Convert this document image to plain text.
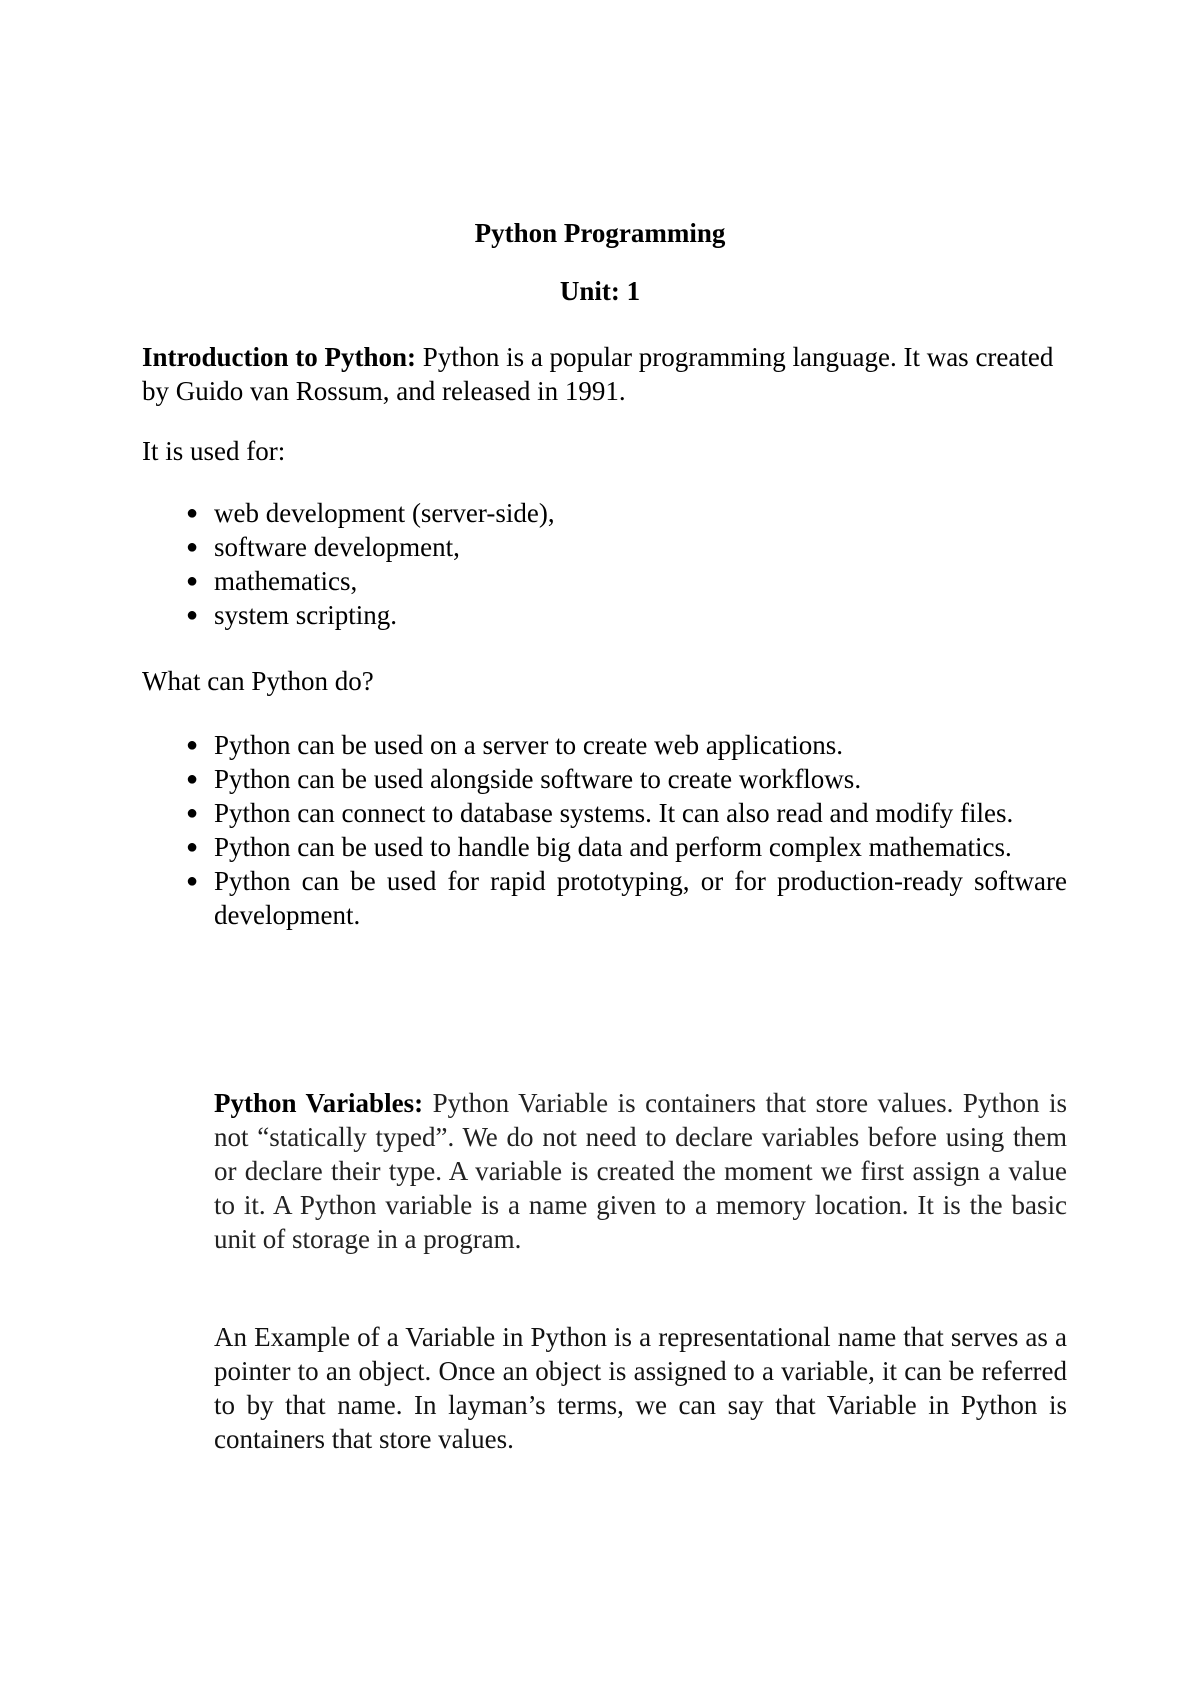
Python Programming
Unit: 1

Introduction to Python: Python is a popular programming language. It was created by Guido van Rossum, and released in 1991.

It is used for:

● web development (server-side),
● software development,
● mathematics,
● system scripting.

What can Python do?

● Python can be used on a server to create web applications.
● Python can be used alongside software to create workflows.
● Python can connect to database systems. It can also read and modify files.
● Python can be used to handle big data and perform complex mathematics.
● Python can be used for rapid prototyping, or for production-ready software development.

Python Variables: Python Variable is containers that store values. Python is not “statically typed”. We do not need to declare variables before using them or declare their type. A variable is created the moment we first assign a value to it. A Python variable is a name given to a memory location. It is the basic unit of storage in a program.

An Example of a Variable in Python is a representational name that serves as a pointer to an object. Once an object is assigned to a variable, it can be referred to by that name. In layman’s terms, we can say that Variable in Python is containers that store values.
